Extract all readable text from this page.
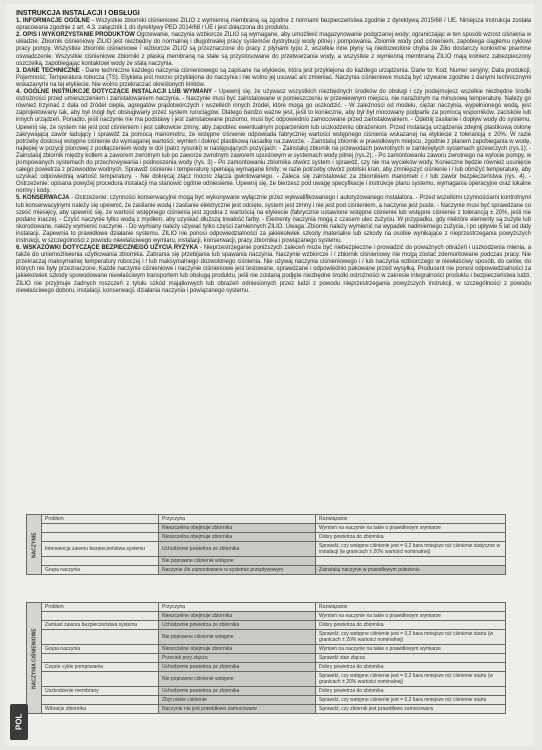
INSTRUKCJA INSTALACJI I OBSŁUGI

1. INFORMACJE OGÓLNE - Wszystkie zbiorniki ciśnieniowe ZILIO z wymienną membraną są zgodne z normami bezpieczeństwa zgodnie z dyrektywą 2015/68 / UE. Niniejsza instrukcja została opracowana zgodnie z art. 4.3. załącznik 1 do dyrektywy PED 2014/68 / UE i jest dołączona do produktu.

2. OPIS I WYKORZYSTANIE PRODUKTÓW Ogrzewanie, naczynia wzbiorcze ZILIO są wymagane, aby umożliwić magazynowanie podgrzanej wody; ograniczając w ten sposób wzrost ciśnienia w układzie. Zbiornik ciśnieniowy ZILIO jest niezbędny do normalnej i długotrwałej pracy systemów dystrybucji wody pitnej i pompowania. Zbiornik wody pod ciśnieniem, zapobiega ciągłemu cyklowi pracy pompy. Wszystkie zbiorniki ciśnieniowe / wzbiorcze ZILIO są przeznaczone do pracy z płynami typu 2, wszelkie inne płyny są niedozwolone chyba że Zilio dostarczy konkretne pisemne oświadczenie. Wszystkie ciśnieniowe zbiorniki z płaską membraną na stałe są przystosowane do przetwarzania wody, a wszystkie z wymienną membraną ZILIO mają kołnierz zabezpieczony uszczelką, zapobiegając kontaktowi wody ze stalą naczynia.

3. DANE TECHNICZNE - Dane techniczne każdego naczynia ciśnieniowego są zapisane na etykiecie, która jest przyklejona do każdego urządzenia. Dane to: Kod; Numer seryjny; Data produkcji; Pojemność; Temperatura robocza (TS). Etykieta jest mocno przyklejona do naczynia i nie wolno jej usuwać ani zmieniać. Naczynia ciśnieniowe muszą być używane zgodnie z danymi technicznymi wskazanymi na tej etykiecie. Nie wolno przekraczać określonych limitów.

4. OGÓLNE INSTRUKCJE DOTYCZĄCE INSTALACJI LUB WYMIANY - Upewnij się, że używasz wszystkich niezbędnych środków do obsługi i czy podejmujesz wszelkie niezbędne środki ostrożności przed umieszczeniem i zainstalowaniem naczynia. - Naczynie musi być zainstalowane w pomieszczeniu w przewiewnym miejscu, nie narażonym na minusową temperaturę. Należy go również trzymać z dala od źródeł ciepła, agregatów prądotwórczych i wszelkich innych źródeł, które mogą go uszkodzić. - W zależności od modelu, ciężar naczynia, wypełnionego wodą, jest zaprojektowany tak, aby był mógł być obsługiwany przez system rurociągów. Dlatego bardzo ważne jest, jeśli to konieczne, aby był był mocowany podparte za pomocą wsporników, zacisków lub innych urządzeń. Ponadto, jeśli naczynie nie ma podstawy i jest zainstalowane poziomo, musi być odpowiednio zamocowane przed zainstalowaniem. - Odetnij zasilanie i dopływ wody do systemu. Upewnij się, że system nie jest pod ciśnieniem i jest całkowicie zimny, aby zapobiec ewentualnym poparzeniom lub uszkodzeniu obrażeniom. Przed instalacją urządzenia zdejmij plastikową osłonę zakrywającą zawór ładujący i sprawdź za pomocą manometru, że wstępne ciśnienie odpowiada fabrycznej wartości wstępnego ciśnienia wskazanej na etykiecie z tolerancją ± 20%. W razie potrzeby dostosuj wstępne ciśnienie do wymaganej wartości; wymień i dokręć plastikową nasadkę na zaworze. - Zainstaluj zbiornik w prawidłowym miejscu, zgodnie z planem zapobiegania w wodę, najlepiej w pozycji pionowej z podłączeniem wody w dół (patrz rysunki) w następujących pozycjach: - Zainstaluj zbiornik na przewodach powrotnych w zamkniętych systemach grzewczych (rys.1); - Zainstaluj zbiornik między kotłem a zaworem zwrotnym lub po zaworze zwrotnym zaworem upustowym w systemach wody pitnej (rys.2); - Po zamontowaniu zaworu zwrotnego na wylocie pompy, w pompowanych systemach do przechowywania i podnoszenia wody (rys. 3) - Po zamontowaniu zbiornika otwórz system i sprawdź, czy nie ma wycieków wody. Konieczne będzie również usunięcie całego powietrza z przewodów wodnych. Sprawdź ciśnienie i temperaturę spełniają wymagane limity; w razie potrzeby otwórz pobliski kran, aby zmniejszyć ciśnienie i / lub obniżyć temperaturę, aby uzyskać odpowiednią wartość temperatury. - Nie dokręcaj złącz mocno złącza gwintowanego. - Zaleca się zainstalować za zbiornikiem manometr i / lub zawór bezpieczeństwa (rys. 4). - Ostrzeżenie: opisana powyżej procedura instalacji ma stanowić ogólne odniesienie. Upewnij się, że bierzesz pod uwagę specyfikacje i instrukcje planu systemu, wymagania operacyjne oraz lokalne normy i kody.

5. KONSERWACJA - Ostrzeżenie: czynności konserwacyjne mogą być wykonywane wyłącznie przez wykwalifikowanego i autoryzowanego instalatora. - Przed wszelkimi czynnościami kontrolnymi lub konserwacyjnymi należy się upewnić, że zasilanie wodą i zasilanie elektryczne jest odcięte, system jest zimny i nie jest pod ciśnieniem, a naczynie jest puste. - Naczynie musi być sprawdzane co sześć miesięcy, aby upewnić się, że wartość wstępnego ciśnienia jest zgodna z wartością na etykiecie (fabrycznie ustawione wstępne ciśnienie lub wstępne ciśnienie z tolerancją ± 20%, jeśli nie podano inaczej. - Czyść naczynie tylko wodą z mydłem, aby uzyskać dłuższą trwałość farby. - Elementy naczynia mogą z czasem ulec zużyciu. W przypadku, gdy niektóre elementy są zużyte lub skorodowane, należy wymienić naczynie. - Do wymiany należy używać tylko części zamiennych ZILIO. Uwaga: Zbiornik należy wymienić na wypadek nadmiernego zużycia, i po upływie 5 lat od daty instalacji. Zapewnia to prawidłowe działanie systemu. ZILIO nie ponosi odpowiedzialności za jakiekolwiek szkody materialne lub szkody na osobie wynikające z nieprzestrzegania powyższych instrukcji, w szczególności z powodu niewłaściwego wymiaru, instalacji, konserwacji, pracy zbiornika i powiązanego systemu.

6. WSKAZÓWKI DOTYCZĄCE BEZPIECZNEGO UŻYCIA RYZYKA - Nieprzestrzeganie poniższych zaleceń może być niebezpieczne i prowadzić do poważnych obrażeń i uszkodzenia mienia, a także do uniemożliwienia użytkowania zbiornika. Zabrania się przebijania lub spawania naczynia. Naczynie wzbiorcze i / zbiornik ciśnieniowy nie mogą zostać zdemontowane podczas pracy. Nie przekraczaj maksymalnej temperatury roboczej i / lub maksymalnego dozwolonego ciśnienia. Nie używaj naczynia ciśnieniowego i / lub naczynia wzbiorczego w niewłaściwy sposób, do celów, do których nie były przeznaczone. Każde naczynie ciśnieniowe i naczynie ciśnieniowe jest testowane, sprawdzane i odpowiednio pakowane przed wysyłką. Producent nie ponosi odpowiedzialności za jakiekolwiek szkody spowodowane niewłaściwym transportem lub obsługą produktu, jeśli nie zostaną podjęte niezbędne środki ostrożności w zakresie integralności produktu i bezpieczeństwa ludzi. ZILIO nie przyjmuje żadnych roszczeń z tytułu szkód majątkowych lub obrażeń odniesionych przez ludzi z powodu nieprzestrzegania powyższych instrukcji, w szczególności z powodu niewłaściwego doboru, instalacji, konserwacji, działania naczynia i powiązanego systemu.

NACZYNIE	Problem	Przyczyna	Rozwiązanie
		Nieszczelna obejmuje zbiornika	Wymień na naczynie na takie o prawidłowym wymiarze
		Nieszczelna obejmuje zbiornika	Dobry powietrza do zbiornika
	Interwencja zaworu bezpieczeństwa systemu	Uchodzenie powietrza ze zbiornika	Sprawdź, czy wstępne ciśnienie jest = 0,2 bara mniejsze niż ciśnienie statyczne w instalacji (w granicach ± 20% wartości nominalnej)
		Nie poprawne ciśnienie wstępne	
	Grupa naczynia	Naczynie źle zamontowane w systemie przepływowym	Zainstaluj naczynie w prawidłowym położeniu
NACZYNIA CIŚNIENIOWE	Problem	Przyczyna	Rozwiązanie
		Nieszczelne obejmuje zbiornika	Wymień na naczynie na takie o prawidłowym wymiarze
	Zamiast zaworu bezpieczeństwa systemu	Uchodzenie powietrza ze zbiornika	Dobry powietrza do zbiornika
		Nie poprawne ciśnienie wstępne	Sprawdź, czy wstępne ciśnienie jest = 0,2 bara mniejsze niż ciśnienie startu (w granicach ± 20% wartości nominalnej)
	Grupa naczynia	Nieszczelne obejmuje zbiornika	Wymień na naczynie na takie o prawidłowym wymiarze
		Przeciek przy złączu	Sprawdź stan złącza
	Częste cykle pompowania	Uchodzenie powietrza ze zbiornika	Dobry powietrza do zbiornika
		Nie poprawne ciśnienie wstępne	Sprawdź, czy wstępne ciśnienie jest = 0,2 bara mniejsze niż ciśnienie startu (w granicach ± 20% wartości nominalnej)
	Uszkodzenie membrany	Uchodzenie powietrza ze zbiornika	Dobry powietrza do zbiornika
		Zbyt niskie ciśnienie	Sprawdź, czy wstępne ciśnienie jest = 0,2 bara mniejsze niż ciśnienie startu
	Wibracje zbiornika	Naczynie nie jest prawidłowo zamocowane	Sprawdź, czy zbiornik jest prawidłowo zamocowany
POL
